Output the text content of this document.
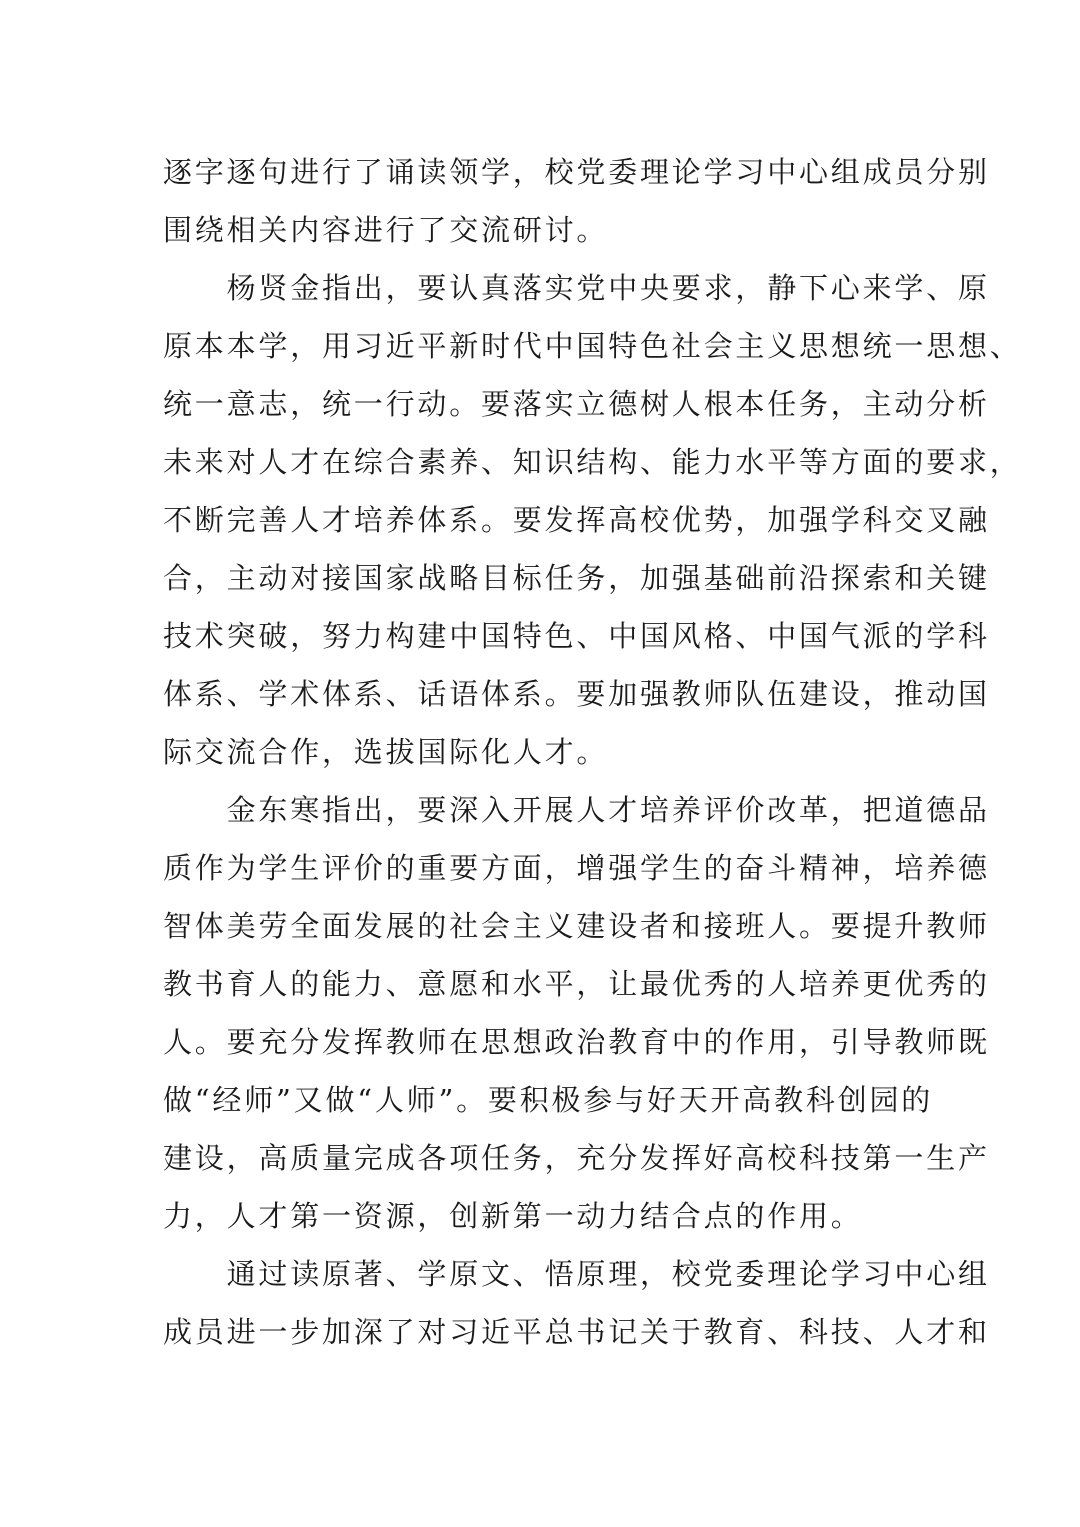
逐字逐句进行了诵读领学，校党委理论学习中心组成员分别
围绕相关内容进行了交流研讨。
　　杨贤金指出，要认真落实党中央要求，静下心来学、原
原本本学，用习近平新时代中国特色社会主义思想统一思想、
统一意志，统一行动。要落实立德树人根本任务，主动分析
未来对人才在综合素养、知识结构、能力水平等方面的要求，
不断完善人才培养体系。要发挥高校优势，加强学科交叉融
合，主动对接国家战略目标任务，加强基础前沿探索和关键
技术突破，努力构建中国特色、中国风格、中国气派的学科
体系、学术体系、话语体系。要加强教师队伍建设，推动国
际交流合作，选拔国际化人才。
　　金东寒指出，要深入开展人才培养评价改革，把道德品
质作为学生评价的重要方面，增强学生的奋斗精神，培养德
智体美劳全面发展的社会主义建设者和接班人。要提升教师
教书育人的能力、意愿和水平，让最优秀的人培养更优秀的
人。要充分发挥教师在思想政治教育中的作用，引导教师既
做“经师”又做“人师”。要积极参与好天开高教科创园的
建设，高质量完成各项任务，充分发挥好高校科技第一生产
力，人才第一资源，创新第一动力结合点的作用。
　　通过读原著、学原文、悟原理，校党委理论学习中心组
成员进一步加深了对习近平总书记关于教育、科技、人才和
